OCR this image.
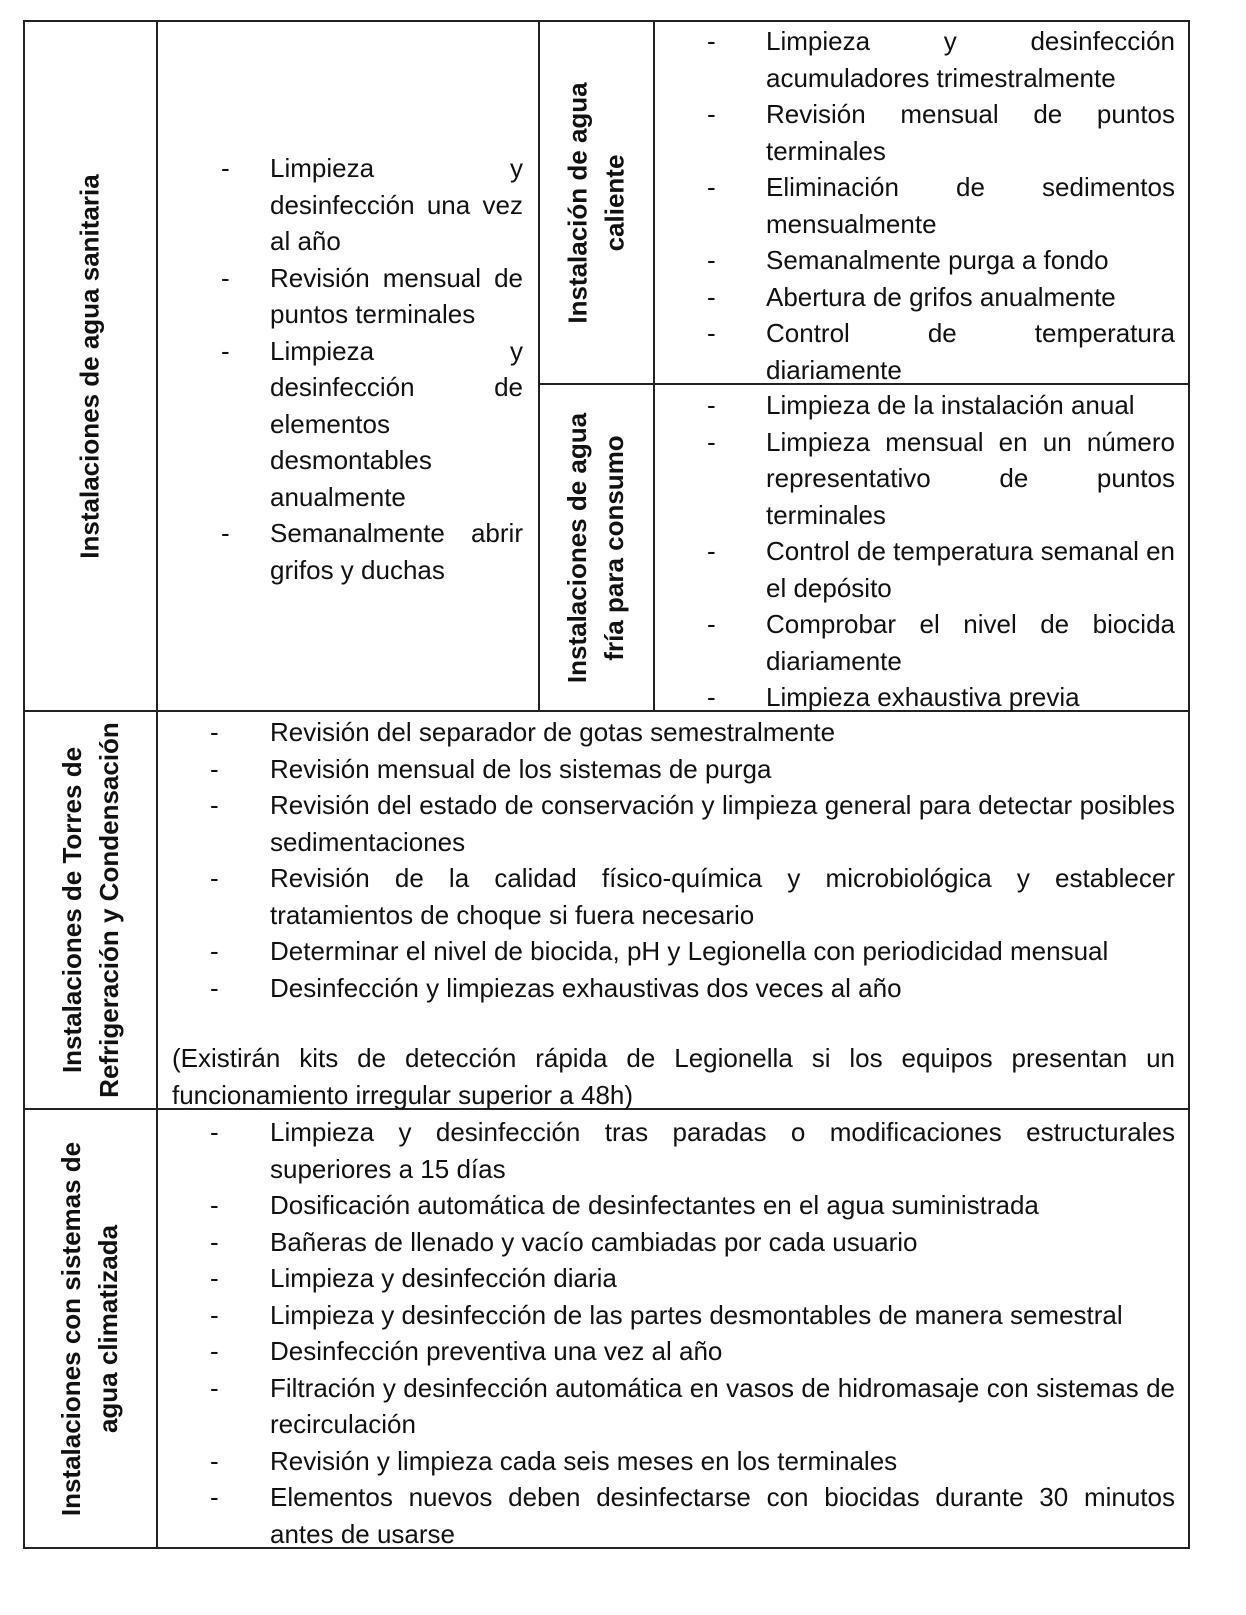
Instalaciones de agua sanitaria
- Limpieza y desinfección una vez al año
- Revisión mensual de puntos terminales
- Limpieza y desinfección de elementos desmontables anualmente
- Semanalmente abrir grifos y duchas
Instalación de agua caliente
- Limpieza y desinfección acumuladores trimestralmente
- Revisión mensual de puntos terminales
- Eliminación de sedimentos mensualmente
- Semanalmente purga a fondo
- Abertura de grifos anualmente
- Control de temperatura diariamente
Instalaciones de agua fría para consumo
- Limpieza de la instalación anual
- Limpieza mensual en un número representativo de puntos terminales
- Control de temperatura semanal en el depósito
- Comprobar el nivel de biocida diariamente
- Limpieza exhaustiva previa
Instalaciones de Torres de Refrigeración y Condensación
-	Revisión del separador de gotas semestralmente
- Revisión mensual de los sistemas de purga
- Revisión del estado de conservación y limpieza general para detectar posibles sedimentaciones
- Revisión de la calidad físico-química y microbiológica y establecer tratamientos de choque si fuera necesario
- Determinar el nivel de biocida, pH y Legionella con periodicidad mensual
- Desinfección y limpiezas exhaustivas dos veces al año
(Existirán kits de detección rápida de Legionella si los equipos presentan un funcionamiento irregular superior a 48h)
Instalaciones con sistemas de agua climatizada
- Limpieza y desinfección tras paradas o modificaciones estructurales superiores a 15 días
- Dosificación automática de desinfectantes en el agua suministrada
- Bañeras de llenado y vacío cambiadas por cada usuario
- Limpieza y desinfección diaria
- Limpieza y desinfección de las partes desmontables de manera semestral
- Desinfección preventiva una vez al año
- Filtración y desinfección automática en vasos de hidromasaje con sistemas de recirculación
- Revisión y limpieza cada seis meses en los terminales
- Elementos nuevos deben desinfectarse con biocidas durante 30 minutos antes de usarse
